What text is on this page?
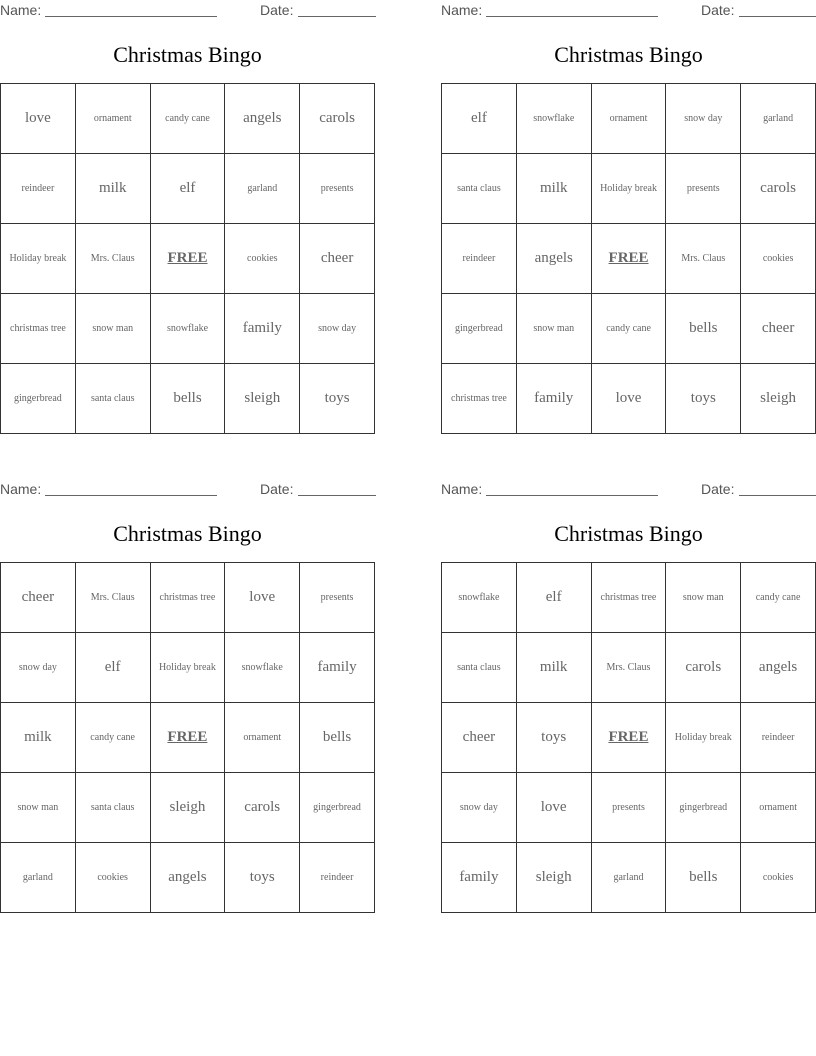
Name:	Date:
Christmas Bingo
love	ornament	candy cane	angels	carols
reindeer	milk	elf	garland	presents
Holiday break	Mrs. Claus	FREE	cookies	cheer
christmas tree	snow man	snowflake	family	snow day
gingerbread	santa claus	bells	sleigh	toys
Name:	Date:
Christmas Bingo
elf	snowflake	ornament	snow day	garland
santa claus	milk	Holiday break	presents	carols
reindeer	angels	FREE	Mrs. Claus	cookies
gingerbread	snow man	candy cane	bells	cheer
christmas tree	family	love	toys	sleigh
Name:	Date:
Christmas Bingo
cheer	Mrs. Claus	christmas tree	love	presents
snow day	elf	Holiday break	snowflake	family
milk	candy cane	FREE	ornament	bells
snow man	santa claus	sleigh	carols	gingerbread
garland	cookies	angels	toys	reindeer
Name:	Date:
Christmas Bingo
snowflake	elf	christmas tree	snow man	candy cane
santa claus	milk	Mrs. Claus	carols	angels
cheer	toys	FREE	Holiday break	reindeer
snow day	love	presents	gingerbread	ornament
family	sleigh	garland	bells	cookies
